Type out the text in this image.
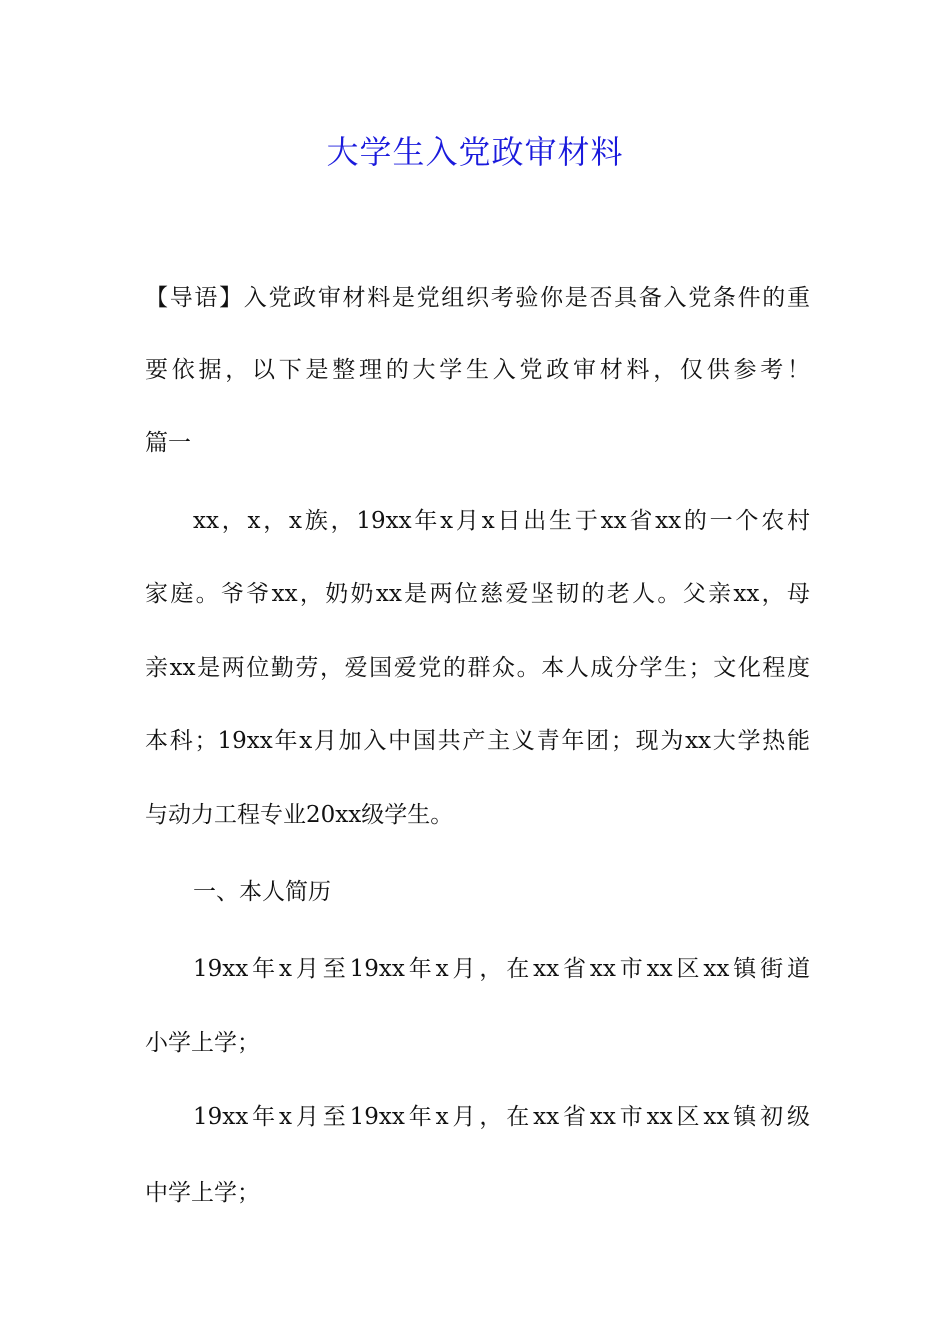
大学生入党政审材料
【导语】入党政审材料是党组织考验你是否具备入党条件的重
要依据，以下是整理的大学生入党政审材料，仅供参考！
篇一
xx，x，x族，19xx年x月x日出生于xx省xx的一个农村
家庭。爷爷xx，奶奶xx是两位慈爱坚韧的老人。父亲xx，母
亲xx是两位勤劳，爱国爱党的群众。本人成分学生；文化程度
本科；19xx年x月加入中国共产主义青年团；现为xx大学热能
与动力工程专业20xx级学生。
一、本人简历
19xx年x月至19xx年x月，在xx省xx市xx区xx镇街道
小学上学；
19xx年x月至19xx年x月，在xx省xx市xx区xx镇初级
中学上学；
